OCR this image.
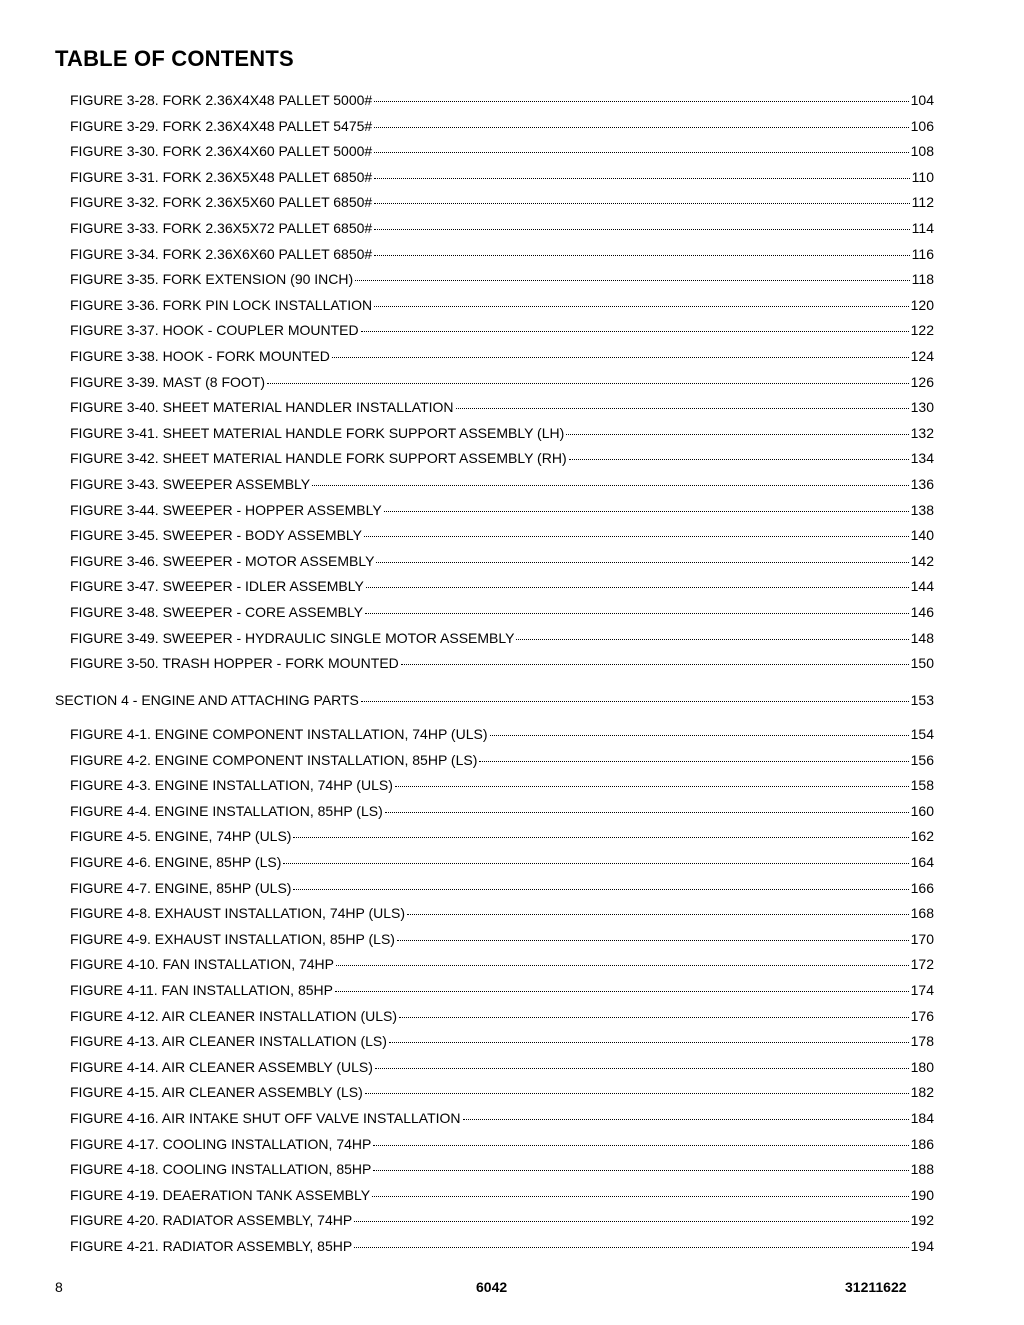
TABLE OF CONTENTS
FIGURE 3-28. FORK 2.36X4X48 PALLET 5000#	104
FIGURE 3-29. FORK 2.36X4X48 PALLET 5475#	106
FIGURE 3-30. FORK 2.36X4X60 PALLET 5000#	108
FIGURE 3-31. FORK 2.36X5X48 PALLET 6850#	110
FIGURE 3-32. FORK 2.36X5X60 PALLET 6850#	112
FIGURE 3-33. FORK 2.36X5X72 PALLET 6850#	114
FIGURE 3-34. FORK 2.36X6X60 PALLET 6850#	116
FIGURE 3-35. FORK EXTENSION (90 INCH)	118
FIGURE 3-36. FORK PIN LOCK INSTALLATION	120
FIGURE 3-37. HOOK - COUPLER MOUNTED	122
FIGURE 3-38. HOOK - FORK MOUNTED	124
FIGURE 3-39. MAST (8 FOOT)	126
FIGURE 3-40. SHEET MATERIAL HANDLER INSTALLATION	130
FIGURE 3-41. SHEET MATERIAL HANDLE FORK SUPPORT ASSEMBLY (LH)	132
FIGURE 3-42. SHEET MATERIAL HANDLE FORK SUPPORT ASSEMBLY (RH)	134
FIGURE 3-43. SWEEPER ASSEMBLY	136
FIGURE 3-44. SWEEPER - HOPPER ASSEMBLY	138
FIGURE 3-45. SWEEPER - BODY ASSEMBLY	140
FIGURE 3-46. SWEEPER - MOTOR ASSEMBLY	142
FIGURE 3-47. SWEEPER - IDLER ASSEMBLY	144
FIGURE 3-48. SWEEPER - CORE ASSEMBLY	146
FIGURE 3-49. SWEEPER - HYDRAULIC SINGLE MOTOR ASSEMBLY	148
FIGURE 3-50. TRASH HOPPER - FORK MOUNTED	150
SECTION 4 - ENGINE AND ATTACHING PARTS	153
FIGURE 4-1. ENGINE COMPONENT INSTALLATION, 74HP (ULS)	154
FIGURE 4-2. ENGINE COMPONENT INSTALLATION, 85HP (LS)	156
FIGURE 4-3. ENGINE INSTALLATION, 74HP (ULS)	158
FIGURE 4-4. ENGINE INSTALLATION, 85HP (LS)	160
FIGURE 4-5. ENGINE, 74HP (ULS)	162
FIGURE 4-6. ENGINE, 85HP (LS)	164
FIGURE 4-7. ENGINE, 85HP (ULS)	166
FIGURE 4-8. EXHAUST INSTALLATION, 74HP (ULS)	168
FIGURE 4-9. EXHAUST INSTALLATION, 85HP (LS)	170
FIGURE 4-10. FAN INSTALLATION, 74HP	172
FIGURE 4-11. FAN INSTALLATION, 85HP	174
FIGURE 4-12. AIR CLEANER INSTALLATION (ULS)	176
FIGURE 4-13. AIR CLEANER INSTALLATION (LS)	178
FIGURE 4-14. AIR CLEANER ASSEMBLY (ULS)	180
FIGURE 4-15. AIR CLEANER ASSEMBLY (LS)	182
FIGURE 4-16. AIR INTAKE SHUT OFF VALVE INSTALLATION	184
FIGURE 4-17. COOLING INSTALLATION, 74HP	186
FIGURE 4-18. COOLING INSTALLATION, 85HP	188
FIGURE 4-19. DEAERATION TANK ASSEMBLY	190
FIGURE 4-20. RADIATOR ASSEMBLY, 74HP	192
FIGURE 4-21. RADIATOR ASSEMBLY, 85HP	194
8	6042	31211622
